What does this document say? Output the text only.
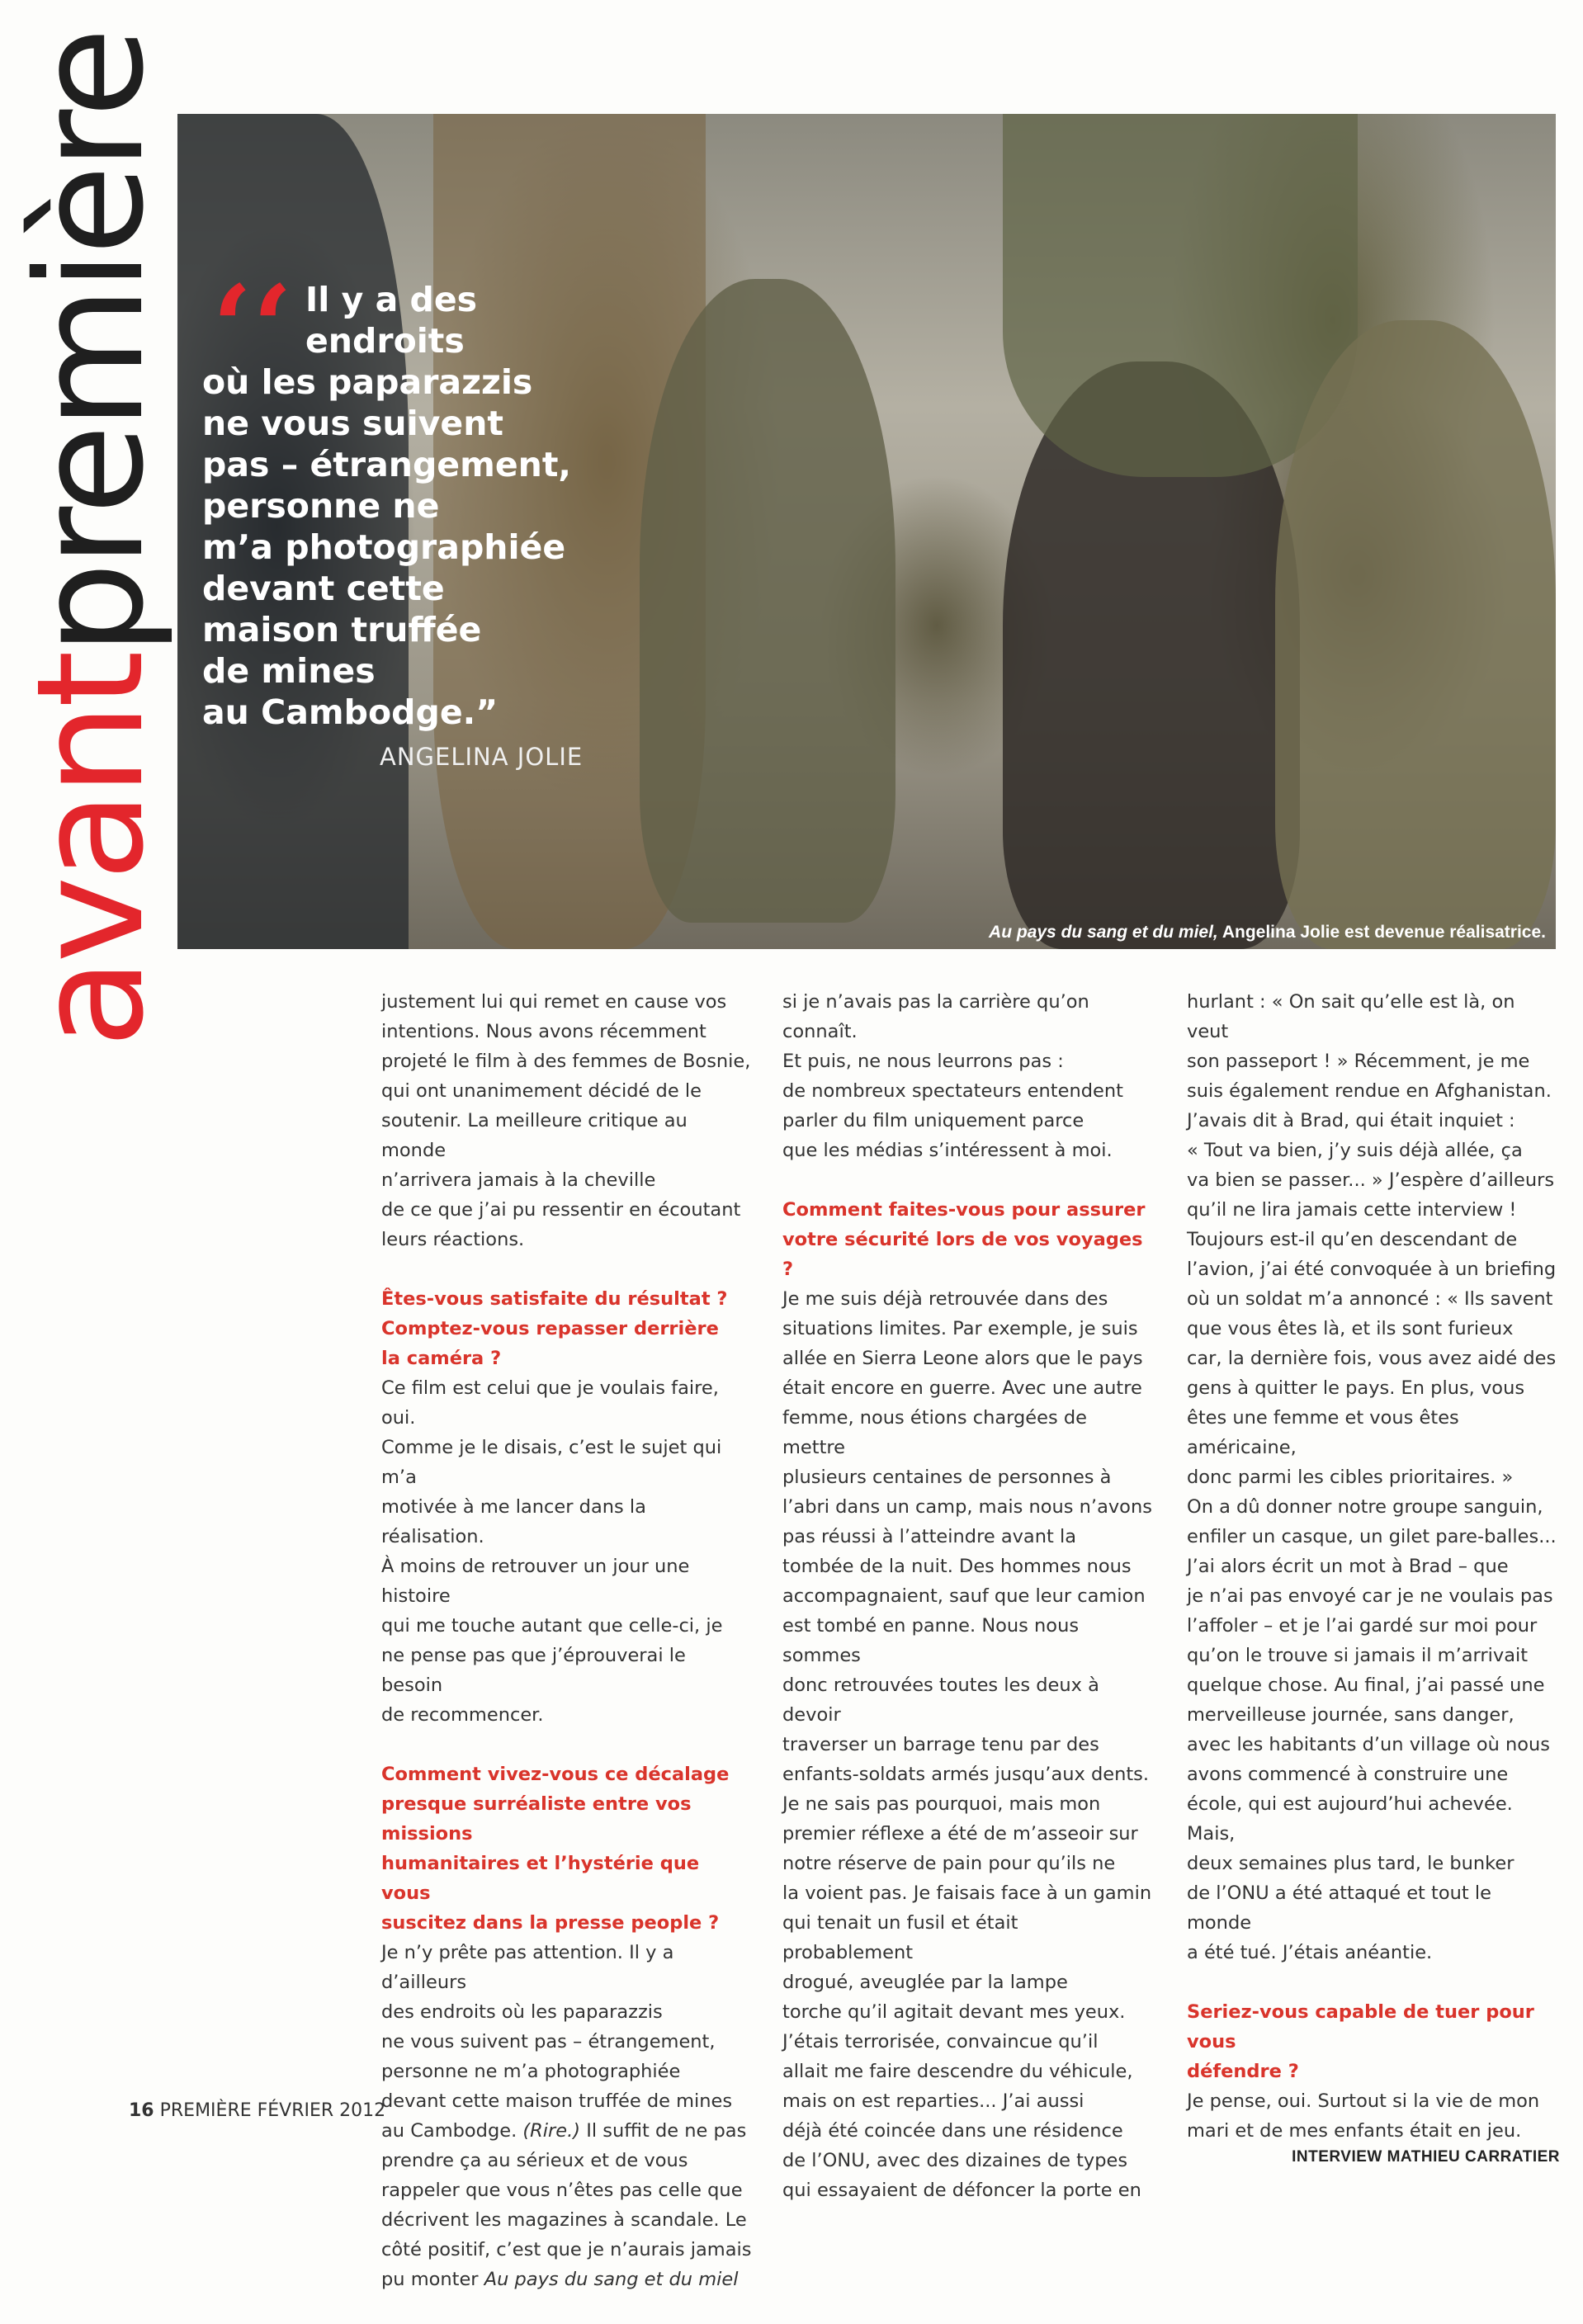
avantpremière ‘‘ Il y a des
endroits
où les paparazzis
ne vous suivent
pas – étrangement,
personne ne
m’a photographiée
devant cette
maison truffée
de mines
au Cambodge.”
ANGELINA JOLIE
Au pays du sang et du miel, Angelina Jolie est devenue réalisatrice.

justement lui qui remet en cause vos
intentions. Nous avons récemment
projeté le film à des femmes de Bosnie,
qui ont unanimement décidé de le
soutenir. La meilleure critique au monde
n’arrivera jamais à la cheville
de ce que j’ai pu ressentir en écoutant
leurs réactions.

Êtes-vous satisfaite du résultat ?
Comptez-vous repasser derrière
la caméra ?

Ce film est celui que je voulais faire, oui.
Comme je le disais, c’est le sujet qui m’a
motivée à me lancer dans la réalisation.
À moins de retrouver un jour une histoire
qui me touche autant que celle-ci, je
ne pense pas que j’éprouverai le besoin
de recommencer.

Comment vivez-vous ce décalage
presque surréaliste entre vos missions
humanitaires et l’hystérie que vous
suscitez dans la presse people ?
Je n’y prête pas attention. Il y a d’ailleurs
des endroits où les paparazzis
ne vous suivent pas – étrangement,
personne ne m’a photographiée
devant cette maison truffée de mines
au Cambodge. (Rire.) Il suffit de ne pas
prendre ça au sérieux et de vous
rappeler que vous n’êtes pas celle que
décrivent les magazines à scandale. Le
côté positif, c’est que je n’aurais jamais
pu monter Au pays du sang et du miel

si je n’avais pas la carrière qu’on connaît.
Et puis, ne nous leurrons pas :
de nombreux spectateurs entendent
parler du film uniquement parce
que les médias s’intéressent à moi.

Comment faites-vous pour assurer
votre sécurité lors de vos voyages ?

Je me suis déjà retrouvée dans des
situations limites. Par exemple, je suis
allée en Sierra Leone alors que le pays
était encore en guerre. Avec une autre
femme, nous étions chargées de mettre
plusieurs centaines de personnes à
l’abri dans un camp, mais nous n’avons
pas réussi à l’atteindre avant la
tombée de la nuit. Des hommes nous
accompagnaient, sauf que leur camion
est tombé en panne. Nous nous sommes
donc retrouvées toutes les deux à devoir
traverser un barrage tenu par des
enfants-soldats armés jusqu’aux dents.
Je ne sais pas pourquoi, mais mon
premier réflexe a été de m’asseoir sur
notre réserve de pain pour qu’ils ne
la voient pas. Je faisais face à un gamin
qui tenait un fusil et était probablement
drogué, aveuglée par la lampe
torche qu’il agitait devant mes yeux.
J’étais terrorisée, convaincue qu’il
allait me faire descendre du véhicule,
mais on est reparties... J’ai aussi
déjà été coincée dans une résidence
de l’ONU, avec des dizaines de types
qui essayaient de défoncer la porte en

hurlant : « On sait qu’elle est là, on veut
son passeport ! » Récemment, je me
suis également rendue en Afghanistan.
J’avais dit à Brad, qui était inquiet :
« Tout va bien, j’y suis déjà allée, ça
va bien se passer... » J’espère d’ailleurs
qu’il ne lira jamais cette interview !
Toujours est-il qu’en descendant de
l’avion, j’ai été convoquée à un briefing
où un soldat m’a annoncé : « Ils savent
que vous êtes là, et ils sont furieux
car, la dernière fois, vous avez aidé des
gens à quitter le pays. En plus, vous
êtes une femme et vous êtes américaine,
donc parmi les cibles prioritaires. »
On a dû donner notre groupe sanguin,
enfiler un casque, un gilet pare-balles...
J’ai alors écrit un mot à Brad – que
je n’ai pas envoyé car je ne voulais pas
l’affoler – et je l’ai gardé sur moi pour
qu’on le trouve si jamais il m’arrivait
quelque chose. Au final, j’ai passé une
merveilleuse journée, sans danger,
avec les habitants d’un village où nous
avons commencé à construire une
école, qui est aujourd’hui achevée. Mais,
deux semaines plus tard, le bunker
de l’ONU a été attaqué et tout le monde
a été tué. J’étais anéantie.

Seriez-vous capable de tuer pour vous
défendre ?

Je pense, oui. Surtout si la vie de mon
mari et de mes enfants était en jeu.

INTERVIEW MATHIEU CARRATIER
16 PREMIÈRE FÉVRIER 2012
